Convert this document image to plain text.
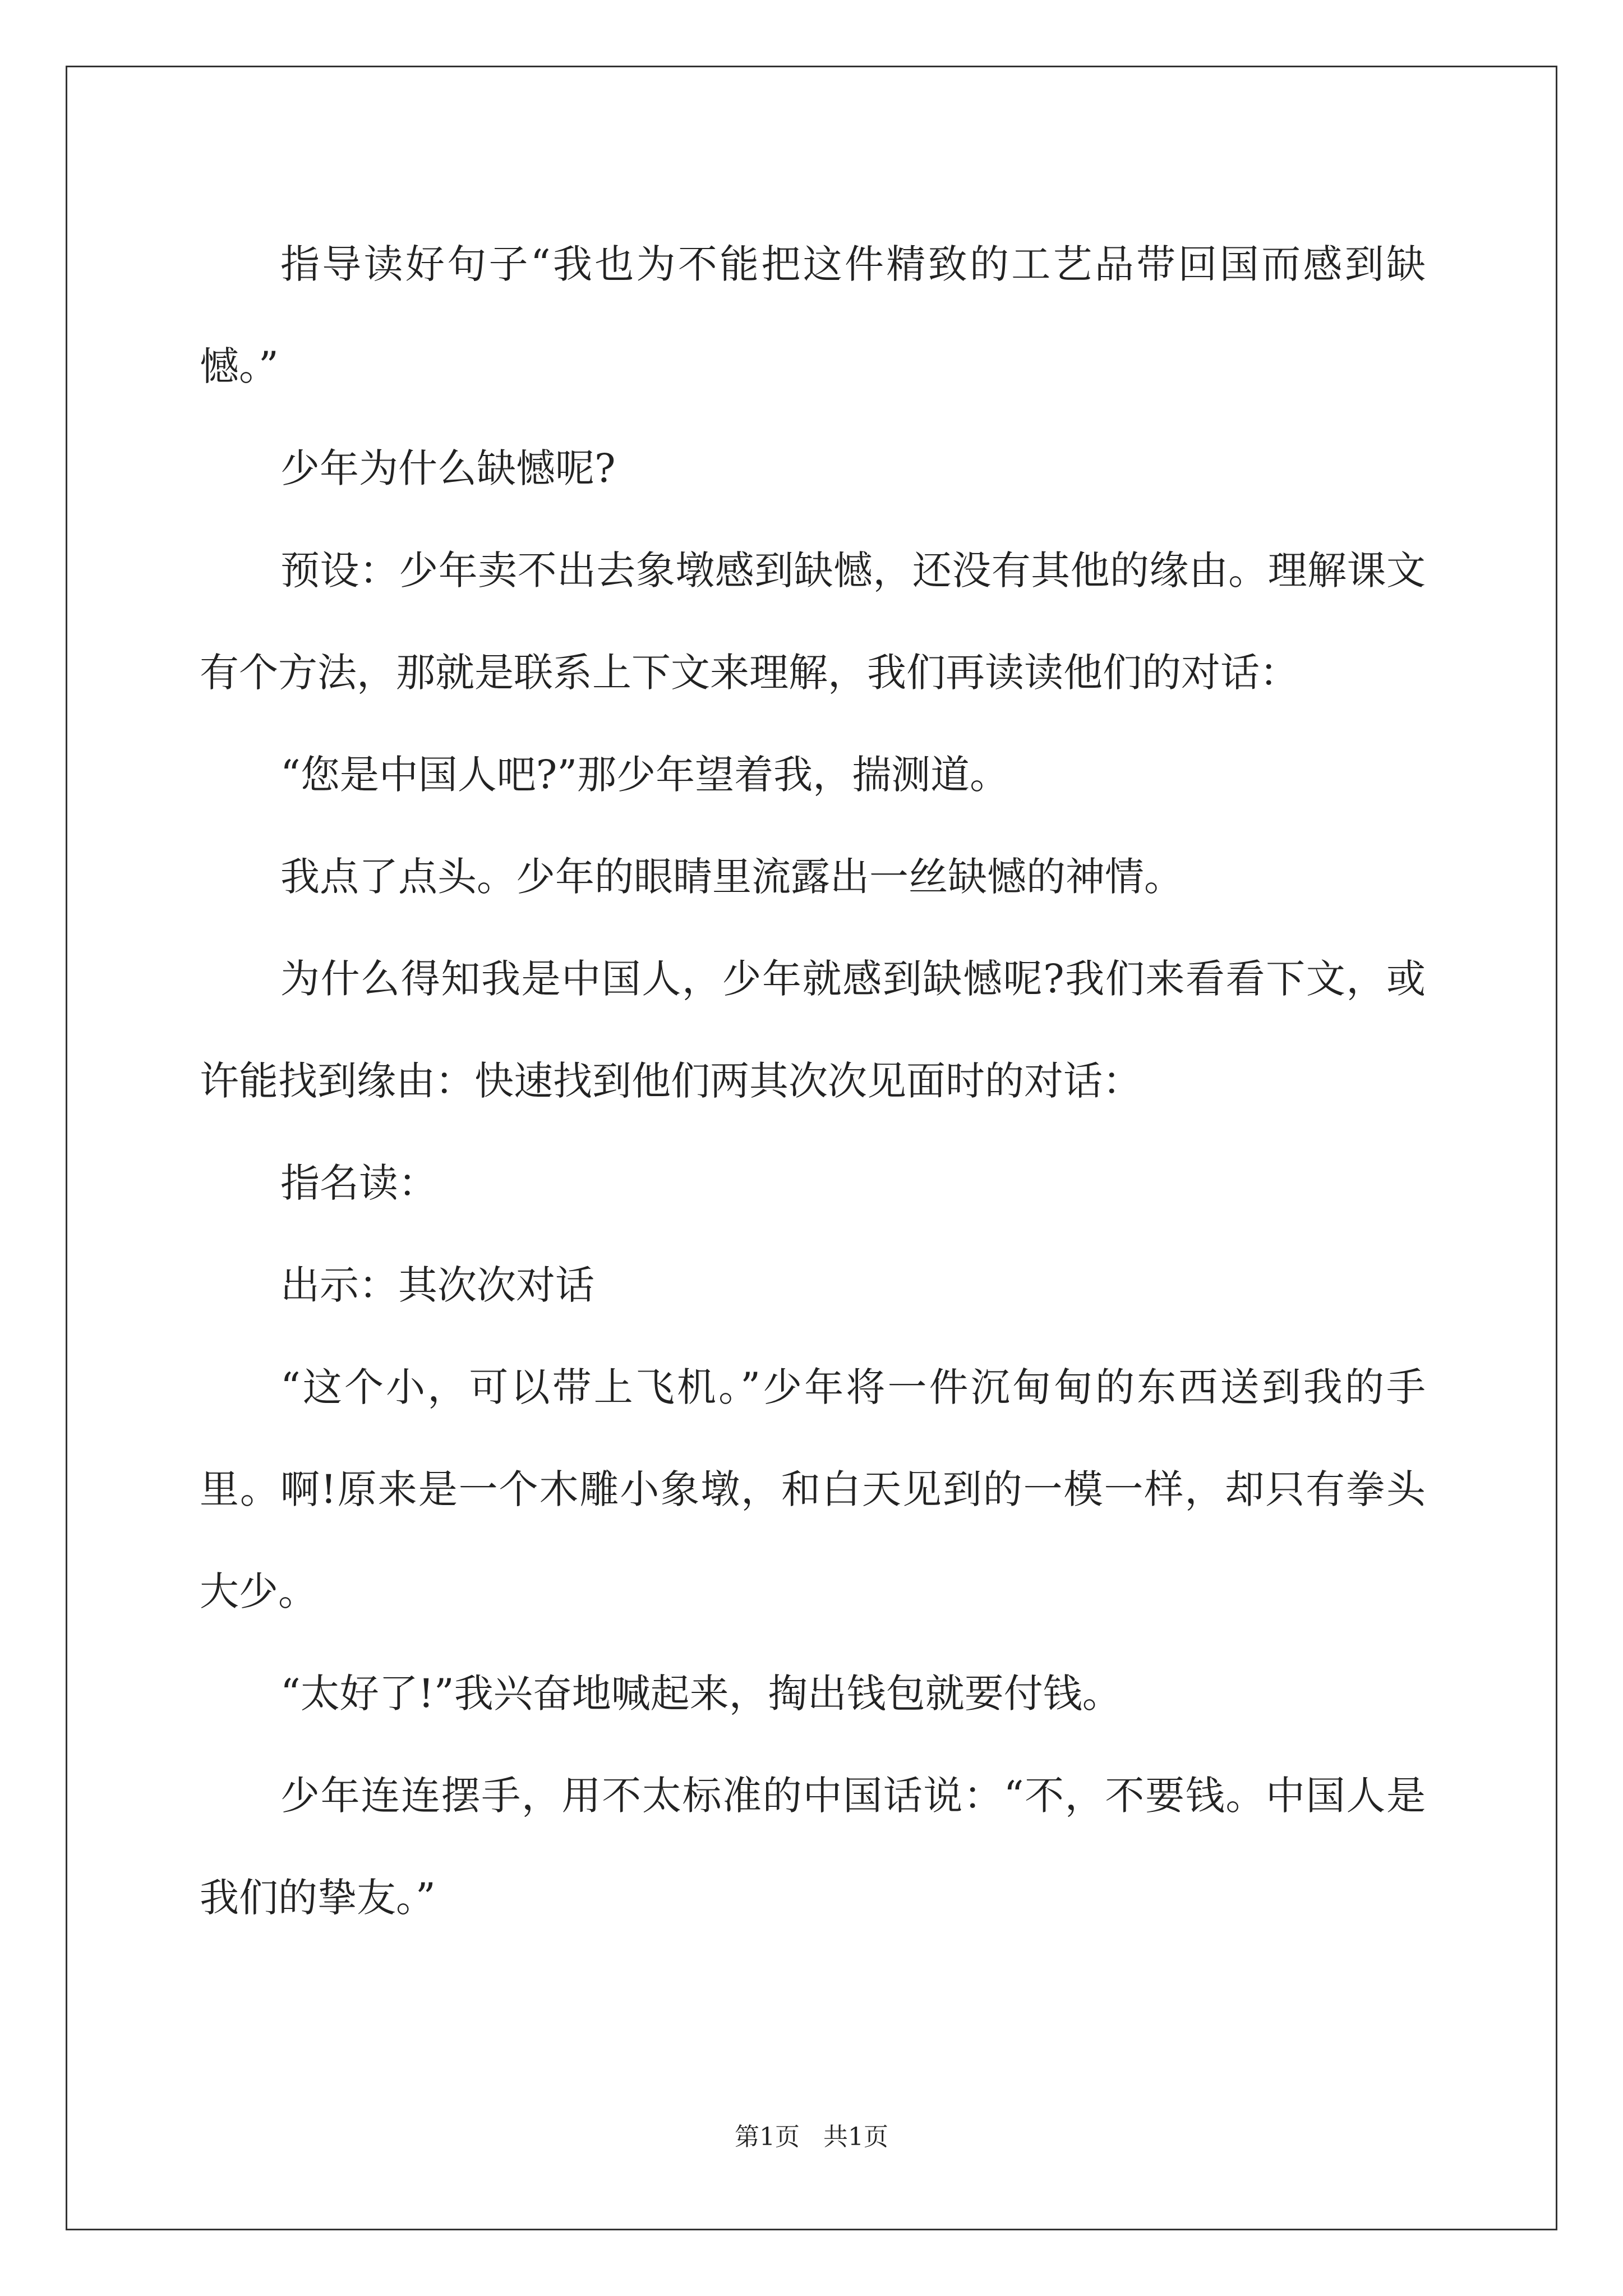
指导读好句子“我也为不能把这件精致的工艺品带回国而感到缺憾。”

少年为什么缺憾呢?

预设：少年卖不出去象墩感到缺憾，还没有其他的缘由。理解课文有个方法，那就是联系上下文来理解，我们再读读他们的对话：

“您是中国人吧?”那少年望着我，揣测道。

我点了点头。少年的眼睛里流露出一丝缺憾的神情。

为什么得知我是中国人，少年就感到缺憾呢?我们来看看下文，或许能找到缘由：快速找到他们两其次次见面时的对话：

指名读：

出示：其次次对话

“这个小，可以带上飞机。”少年将一件沉甸甸的东西送到我的手里。啊!原来是一个木雕小象墩，和白天见到的一模一样，却只有拳头大少。

“太好了!”我兴奋地喊起来，掏出钱包就要付钱。

少年连连摆手，用不太标准的中国话说：“不，不要钱。中国人是我们的挚友。”

第1页 共1页
